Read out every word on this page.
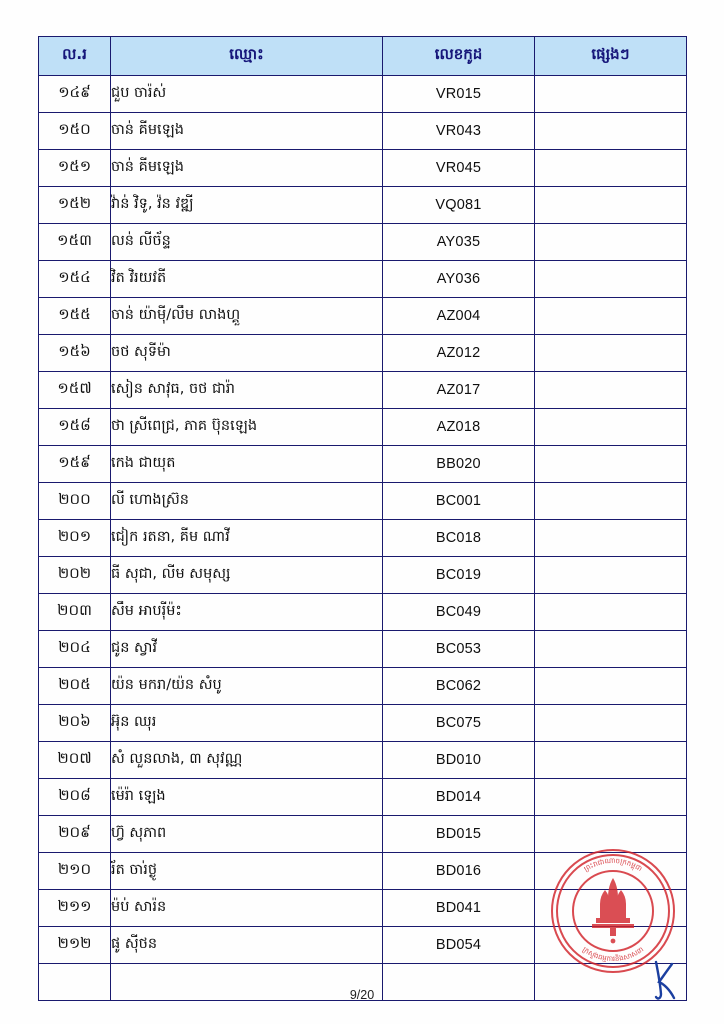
ល.រ	ឈ្មោះ	លេខកូដ	ផ្សេងៗ
១៤៩	ជួប ចារ៉ស់	VR015	
១៥០	ចាន់ គីមឡេង	VR043	
១៥១	ចាន់ គីមឡេង	VR045	
១៥២	វ៉ាន់ វិទូ, វ៉ន វឌ្ឍី	VQ081	
១៥៣	លន់ លីច័ន្ទ	AY035	
១៥៤	វិត វិរយវតី	AY036	
១៥៥	ចាន់ យ៉ាម៉ី/លឹម លាងហ្គួ	AZ004	
១៥៦	ចថ សុទីម៉ា	AZ012	
១៥៧	សៀន សាវុធ, ចថ ជារ៉ា	AZ017	
១៥៨	ថា ស្រីពេជ្រ, ភាគ ប៊ុនឡេង	AZ018	
១៥៩	កេង ជាយុត	BB020	
២០០	លី ហោងស្រ៊ន	BC001	
២០១	ជៀក រតនា, គីម ណាវី	BC018	
២០២	ធី សុជា, លីម សមុស្ស	BC019	
២០៣	សឹម អាបរ៉ីម៉ះ	BC049	
២០៤	ជូន ស្វាវី	BC053	
២០៥	យ៉ន មករា/យ៉ន សំបូ	BC062	
២០៦	អ៊ុន ឈុរ	BC075	
២០៧	សំ លួនលាង, ៣ សុវណ្ណ	BD010	
២០៨	ម៉េរ៉ា ឡេង	BD014	
២០៩	ហ៊្វ សុភាព	BD015	
២១០	រ័ត ចារ់ថ្ងូ	BD016	
២១១	ម៉ប់ សារ៉ន	BD041	
២១២	ផូ ស៊ីថន	BD054	

ព្រះរាជាណាចក្រកម្ពុជា
ក្រសួងធម្មការនិងសាសនា
9/20
